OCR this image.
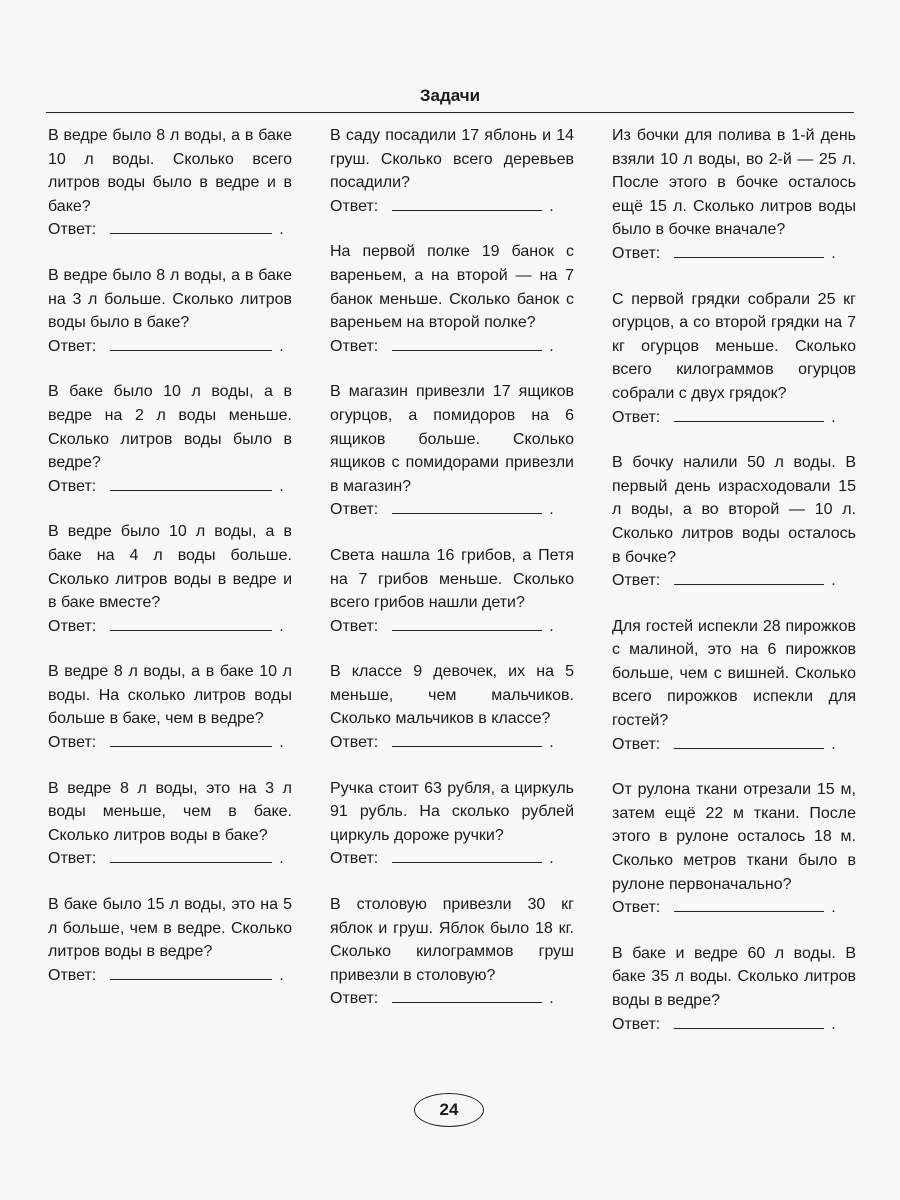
Задачи

В ведре было 8 л воды, а в баке 10 л воды. Сколько всего литров воды было в ведре и в баке?

Ответ:	.

В ведре было 8 л воды, а в баке на 3 л больше. Сколько литров воды было в баке?

Ответ:	.

В баке было 10 л воды, а в ведре на 2 л воды меньше. Сколько литров воды было в ведре?

Ответ:	.

В ведре было 10 л воды, а в баке на 4 л воды больше. Сколько литров воды в ведре и в баке вместе?

Ответ:	.

В ведре 8 л воды, а в баке 10 л воды. На сколько литров воды больше в баке, чем в ведре?

Ответ:	.

В ведре 8 л воды, это на 3 л воды меньше, чем в баке. Сколько литров воды в баке?

Ответ:	.

В баке было 15 л воды, это на 5 л больше, чем в ведре. Сколько литров воды в ведре?

Ответ:	.

В саду посадили 17 яблонь и 14 груш. Сколько всего деревьев посадили?

Ответ:	.

На первой полке 19 банок с вареньем, а на второй — на 7 банок меньше. Сколько банок с вареньем на второй полке?

Ответ:	.

В магазин привезли 17 ящиков огурцов, а помидоров на 6 ящиков больше. Сколько ящиков с помидорами привезли в магазин?

Ответ:	.

Света нашла 16 грибов, а Петя на 7 грибов меньше. Сколько всего грибов нашли дети?

Ответ:	.

В классе 9 девочек, их на 5 меньше, чем мальчиков. Сколько мальчиков в классе?

Ответ:	.

Ручка стоит 63 рубля, а циркуль 91 рубль. На сколько рублей циркуль дороже ручки?

Ответ:	.

В столовую привезли 30 кг яблок и груш. Яблок было 18 кг. Сколько килограммов груш привезли в столовую?

Ответ:	.

Из бочки для полива в 1-й день взяли 10 л воды, во 2-й — 25 л. После этого в бочке осталось ещё 15 л. Сколько литров воды было в бочке вначале?

Ответ:	.

С первой грядки собрали 25 кг огурцов, а со второй грядки на 7 кг огурцов меньше. Сколько всего килограммов огурцов собрали с двух грядок?

Ответ:	.

В бочку налили 50 л воды. В первый день израсходовали 15 л воды, а во второй — 10 л. Сколько литров воды осталось в бочке?

Ответ:	.

Для гостей испекли 28 пирожков с малиной, это на 6 пирожков больше, чем с вишней. Сколько всего пирожков испекли для гостей?

Ответ:	.

От рулона ткани отрезали 15 м, затем ещё 22 м ткани. После этого в рулоне осталось 18 м. Сколько метров ткани было в рулоне первоначально?

Ответ:	.

В баке и ведре 60 л воды. В баке 35 л воды. Сколько литров воды в ведре?

Ответ:	.
24
